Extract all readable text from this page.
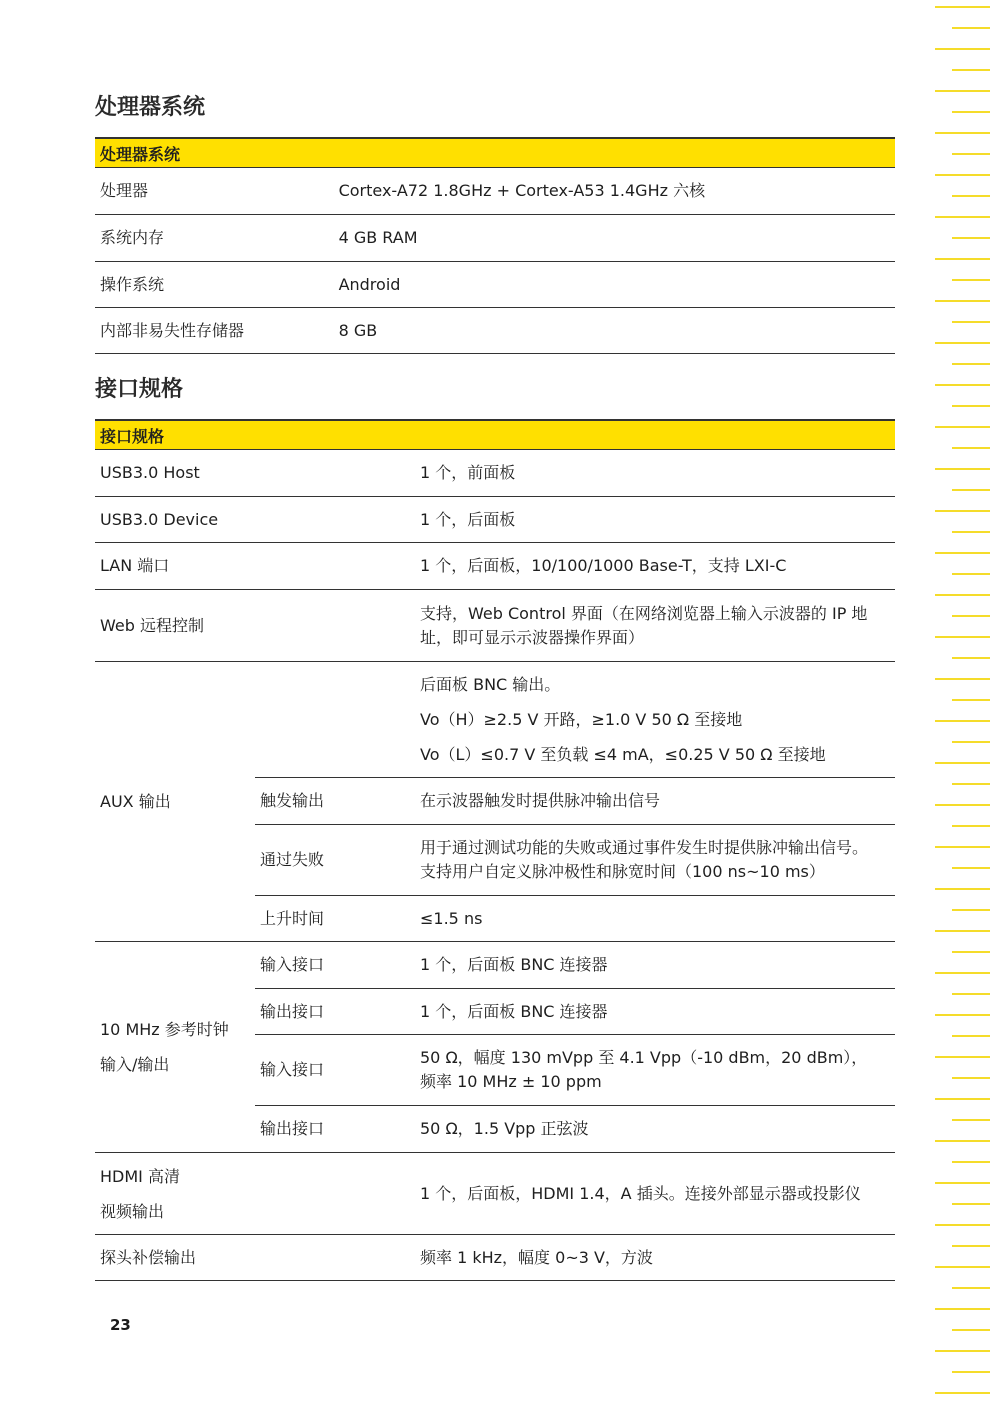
处理器系统
处理器系统	
处理器	Cortex-A72 1.8GHz + Cortex-A53 1.4GHz 六核
系统内存	4 GB RAM
操作系统	Android
内部非易失性存储器	8 GB
接口规格
接口规格		
USB3.0 Host		1 个，前面板
USB3.0 Device		1 个，后面板
LAN 端口		1 个，后面板，10/100/1000 Base-T，支持 LXI-C
Web 远程控制		支持，Web Control 界面（在网络浏览器上输入示波器的 IP 地
址，即可显示示波器操作界面）

AUX 输出		后面板 BNC 输出。
Vo（H）≥2.5 V 开路，≥1.0 V 50 Ω 至接地
Vo（L）≤0.7 V 至负载 ≤4 mA，≤0.25 V 50 Ω 至接地

	触发输出	在示波器触发时提供脉冲输出信号
	通过失败	用于通过测试功能的失败或通过事件发生时提供脉冲输出信号。
支持用户自定义脉冲极性和脉宽时间（100 ns~10 ms）

	上升时间	≤1.5 ns

10 MHz 参考时钟
输入/输出	输入接口	1 个，后面板 BNC 连接器
	输出接口	1 个，后面板 BNC 连接器
	输入接口	50 Ω，幅度 130 mVpp 至 4.1 Vpp（-10 dBm，20 dBm），
频率 10 MHz ± 10 ppm

	输出接口	50 Ω，1.5 Vpp 正弦波

HDMI 高清
视频输出		1 个，后面板，HDMI 1.4，A 插头。连接外部显示器或投影仪
探头补偿输出		频率 1 kHz，幅度 0~3 V，方波

23
